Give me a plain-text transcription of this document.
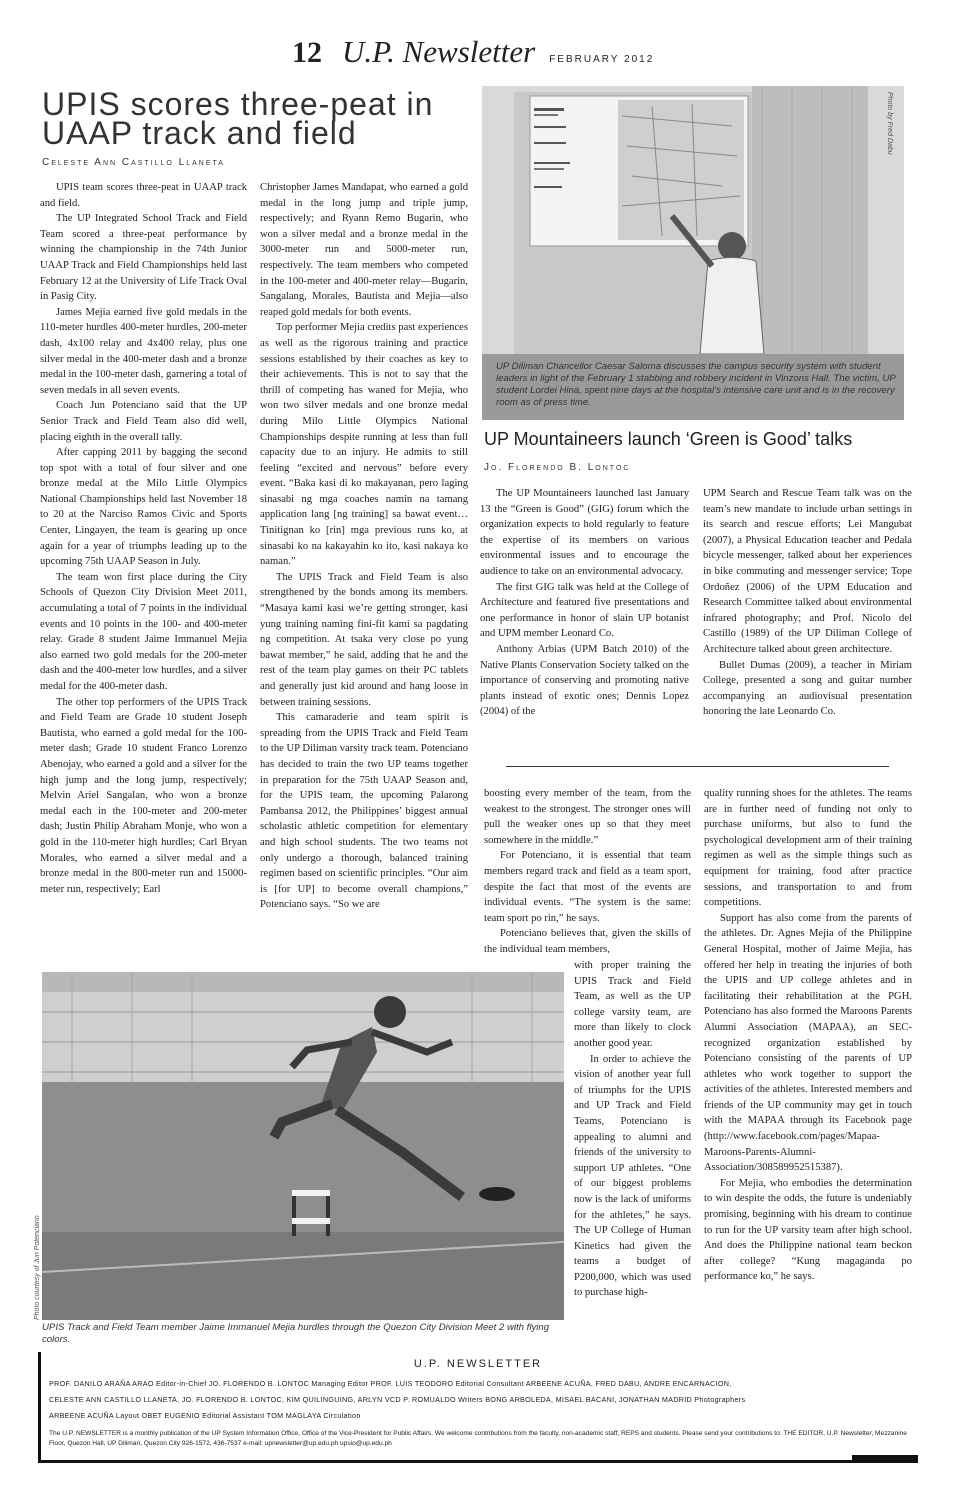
12 U.P. Newsletter FEBRUARY 2012
UPIS scores three-peat in UAAP track and field
Celeste Ann Castillo Llaneta

UPIS team scores three-peat in UAAP track and field.

The UP Integrated School Track and Field Team scored a three-peat performance by winning the championship in the 74th Junior UAAP Track and Field Championships held last February 12 at the University of Life Track Oval in Pasig City.

James Mejia earned five gold medals in the 110-meter hurdles 400-meter hurdles, 200-meter dash, 4x100 relay and 4x400 relay, plus one silver medal in the 400-meter dash and a bronze medal in the 100-meter dash, garnering a total of seven medals in all seven events.

Coach Jun Potenciano said that the UP Senior Track and Field Team also did well, placing eighth in the overall tally.

After capping 2011 by bagging the second top spot with a total of four silver and one bronze medal at the Milo Little Olympics National Championships held last November 18 to 20 at the Narciso Ramos Civic and Sports Center, Lingayen, the team is gearing up once again for a year of triumphs leading up to the upcoming 75th UAAP Season in July.

The team won first place during the City Schools of Quezon City Division Meet 2011, accumulating a total of 7 points in the individual events and 10 points in the 100- and 400-meter relay. Grade 8 student Jaime Immanuel Mejia also earned two gold medals for the 200-meter dash and the 400-meter low hurdles, and a silver medal for the 400-meter dash.

The other top performers of the UPIS Track and Field Team are Grade 10 student Joseph Bautista, who earned a gold medal for the 100-meter dash; Grade 10 student Franco Lorenzo Abenojay, who earned a gold and a silver for the high jump and the long jump, respectively; Melvin Ariel Sangalan, who won a bronze medal each in the 100-meter and 200-meter dash; Justin Philip Abraham Monje, who won a gold in the 110-meter high hurdles; Carl Bryan Morales, who earned a silver medal and a bronze medal in the 800-meter run and 15000-meter run, respectively; Earl

Christopher James Mandapat, who earned a gold medal in the long jump and triple jump, respectively; and Ryann Remo Bugarin, who won a silver medal and a bronze medal in the 3000-meter run and 5000-meter run, respectively. The team members who competed in the 100-meter and 400-meter relay—Bugarin, Sangalang, Morales, Bautista and Mejia—also reaped gold medals for both events.

Top performer Mejia credits past experiences as well as the rigorous training and practice sessions established by their coaches as key to their achievements. This is not to say that the thrill of competing has waned for Mejia, who won two silver medals and one bronze medal during Milo Little Olympics National Championships despite running at less than full capacity due to an injury. He admits to still feeling “excited and nervous” before every event. “Baka kasi di ko makayanan, pero laging sinasabi ng mga coaches namin na tamang application lang [ng training] sa bawat event… Tinitignan ko [rin] mga previous runs ko, at sinasabi ko na kakayahin ko ito, kasi nakaya ko naman.”

The UPIS Track and Field Team is also strengthened by the bonds among its members. “Masaya kami kasi we’re getting stronger, kasi yung training naming fini-fit kami sa pagdating ng competition. At tsaka very close po yung bawat member,” he said, adding that he and the rest of the team play games on their PC tablets and generally just kid around and hang loose in between training sessions.

This camaraderie and team spirit is spreading from the UPIS Track and Field Team to the UP Diliman varsity track team. Potenciano has decided to train the two UP teams together in preparation for the 75th UAAP Season and, for the UPIS team, the upcoming Palarong Pambansa 2012, the Philippines’ biggest annual scholastic athletic competition for elementary and high school students. The two teams not only undergo a thorough, balanced training regimen based on scientific principles. “Our aim is [for UP] to become overall champions,” Potenciano says. “So we are

Photo by Fred Dabu
UP Diliman Chancellor Caesar Saloma discusses the campus security system with student leaders in light of the February 1 stabbing and robbery incident in Vinzons Hall. The victim, UP student Lordei Hina, spent nine days at the hospital’s intensive care unit and is in the recovery room as of press time.
UP Mountaineers launch ‘Green is Good’ talks
Jo. Florendo B. Lontoc

The UP Mountaineers launched last January 13 the “Green is Good” (GIG) forum which the organization expects to hold regularly to feature the expertise of its members on various environmental issues and to encourage the audience to take on an environmental advocacy.

The first GIG talk was held at the College of Architecture and featured five presentations and one performance in honor of slain UP botanist and UPM member Leonard Co.

Anthony Arbias (UPM Batch 2010) of the Native Plants Conservation Society talked on the importance of conserving and promoting native plants instead of exotic ones; Dennis Lopez (2004) of the

UPM Search and Rescue Team talk was on the team’s new mandate to include urban settings in its search and rescue efforts; Lei Mangubat (2007), a Physical Education teacher and Pedala bicycle messenger, talked about her experiences in bike commuting and messenger service; Tope Ordoñez (2006) of the UPM Education and Research Committee talked about environmental infrared photography; and Prof. Nicolo del Castillo (1989) of the UP Diliman College of Architecture talked about green architecture.

Bullet Dumas (2009), a teacher in Miriam College, presented a song and guitar number accompanying an audiovisual presentation honoring the late Leonardo Co.

boosting every member of the team, from the weakest to the strongest. The stronger ones will pull the weaker ones up so that they meet somewhere in the middle.”

For Potenciano, it is essential that team members regard track and field as a team sport, despite the fact that most of the events are individual events. “The system is the same: team sport po rin,” he says.

Potenciano believes that, given the skills of the individual team members,

with proper training the UPIS Track and Field Team, as well as the UP college varsity team, are more than likely to clock another good year.

In order to achieve the vision of another year full of triumphs for the UPIS and UP Track and Field Teams, Potenciano is appealing to alumni and friends of the university to support UP athletes. “One of our biggest problems now is the lack of uniforms for the athletes,” he says. The UP College of Human Kinetics had given the teams a budget of P200,000, which was used to purchase high-

quality running shoes for the athletes. The teams are in further need of funding not only to purchase uniforms, but also to fund the psychological development arm of their training regimen as well as the simple things such as equipment for training, food after practice sessions, and transportation to and from competitions.

Support has also come from the parents of the athletes. Dr. Agnes Mejia of the Philippine General Hospital, mother of Jaime Mejia, has offered her help in treating the injuries of both the UPIS and UP college athletes and in facilitating their rehabilitation at the PGH. Potenciano has also formed the Maroons Parents Alumni Association (MAPAA), an SEC-recognized organization established by Potenciano consisting of the parents of UP athletes who work together to support the activities of the athletes. Interested members and friends of the UP community may get in touch with the MAPAA through its Facebook page (http://www.facebook.com/pages/Mapaa-Maroons-Parents-Alumni-Association/308589952515387).

For Mejia, who embodies the determination to win despite the odds, the future is undeniably promising, beginning with his dream to continue to run for the UP varsity team after high school. And does the Philippine national team beckon after college? “Kung magaganda po performance ko,” he says.

Photo courtesy of Jun Potenciano
UPIS Track and Field Team member Jaime Immanuel Mejia hurdles through the Quezon City Division Meet 2 with flying colors.
U.P. NEWSLETTER
PROF. DANILO ARAÑA ARAO Editor-in-Chief JO. FLORENDO B. LONTOC Managing Editor PROF. LUIS TEODORO Editorial Consultant ARBEENE ACUÑA, FRED DABU, ANDRE ENCARNACION,
CELESTE ANN CASTILLO LLANETA, JO. FLORENDO B. LONTOC, KIM QUILINGUING, ARLYN VCD P. ROMUALDO Writers BONG ARBOLEDA, MISAEL BACANI, JONATHAN MADRID Photographers
ARBEENE ACUÑA Layout OBET EUGENIO Editorial Assistant TOM MAGLAYA Circulation
The U.P. NEWSLETTER is a monthly publication of the UP System Information Office, Office of the Vice-President for Public Affairs. We welcome contributions from the faculty, non-academic staff, REPS and students. Please send your contributions to: THE EDITOR, U.P. Newsletter, Mezzanine Floor, Quezon Hall, UP Diliman, Quezon City 926-1572, 436-7537 e-mail: upnewsletter@up.edu.ph upsio@up.edu.ph
